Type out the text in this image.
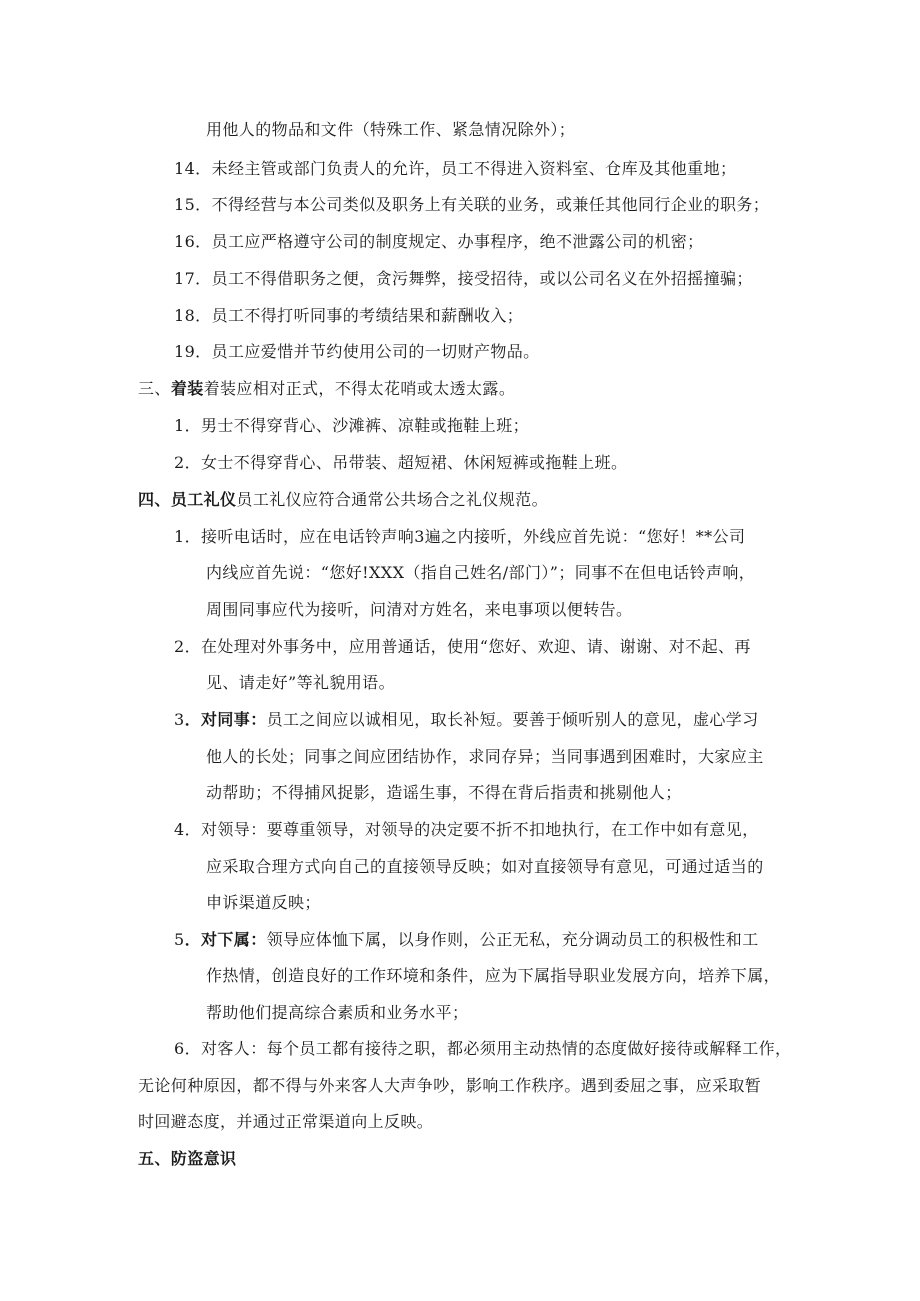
用他人的物品和文件（特殊工作、紧急情况除外）；
14．未经主管或部门负责人的允许，员工不得进入资料室、仓库及其他重地；
15．不得经营与本公司类似及职务上有关联的业务，或兼任其他同行企业的职务；
16．员工应严格遵守公司的制度规定、办事程序，绝不泄露公司的机密；
17．员工不得借职务之便，贪污舞弊，接受招待，或以公司名义在外招摇撞骗；
18．员工不得打听同事的考绩结果和薪酬收入；
19．员工应爱惜并节约使用公司的一切财产物品。
三、着装着装应相对正式，不得太花哨或太透太露。
1．男士不得穿背心、沙滩裤、凉鞋或拖鞋上班；
2．女士不得穿背心、吊带装、超短裙、休闲短裤或拖鞋上班。
四、员工礼仪员工礼仪应符合通常公共场合之礼仪规范。
1．接听电话时，应在电话铃声响3遍之内接听，外线应首先说：“您好！**公司
内线应首先说：“您好!XXX（指自己姓名/部门）”；同事不在但电话铃声响，
周围同事应代为接听，问清对方姓名，来电事项以便转告。
2．在处理对外事务中，应用普通话，使用“您好、欢迎、请、谢谢、对不起、再
见、请走好”等礼貌用语。
3．对同事：员工之间应以诚相见，取长补短。要善于倾听别人的意见，虚心学习
他人的长处；同事之间应团结协作，求同存异；当同事遇到困难时，大家应主
动帮助；不得捕风捉影，造谣生事，不得在背后指责和挑剔他人；
4．对领导：要尊重领导，对领导的决定要不折不扣地执行，在工作中如有意见，
应采取合理方式向自己的直接领导反映；如对直接领导有意见，可通过适当的
申诉渠道反映；
5．对下属：领导应体恤下属，以身作则，公正无私，充分调动员工的积极性和工
作热情，创造良好的工作环境和条件，应为下属指导职业发展方向，培养下属，
帮助他们提高综合素质和业务水平；
6．对客人：每个员工都有接待之职，都必须用主动热情的态度做好接待或解释工作，
无论何种原因，都不得与外来客人大声争吵，影响工作秩序。遇到委屈之事，应采取暂
时回避态度，并通过正常渠道向上反映。
五、防盗意识
